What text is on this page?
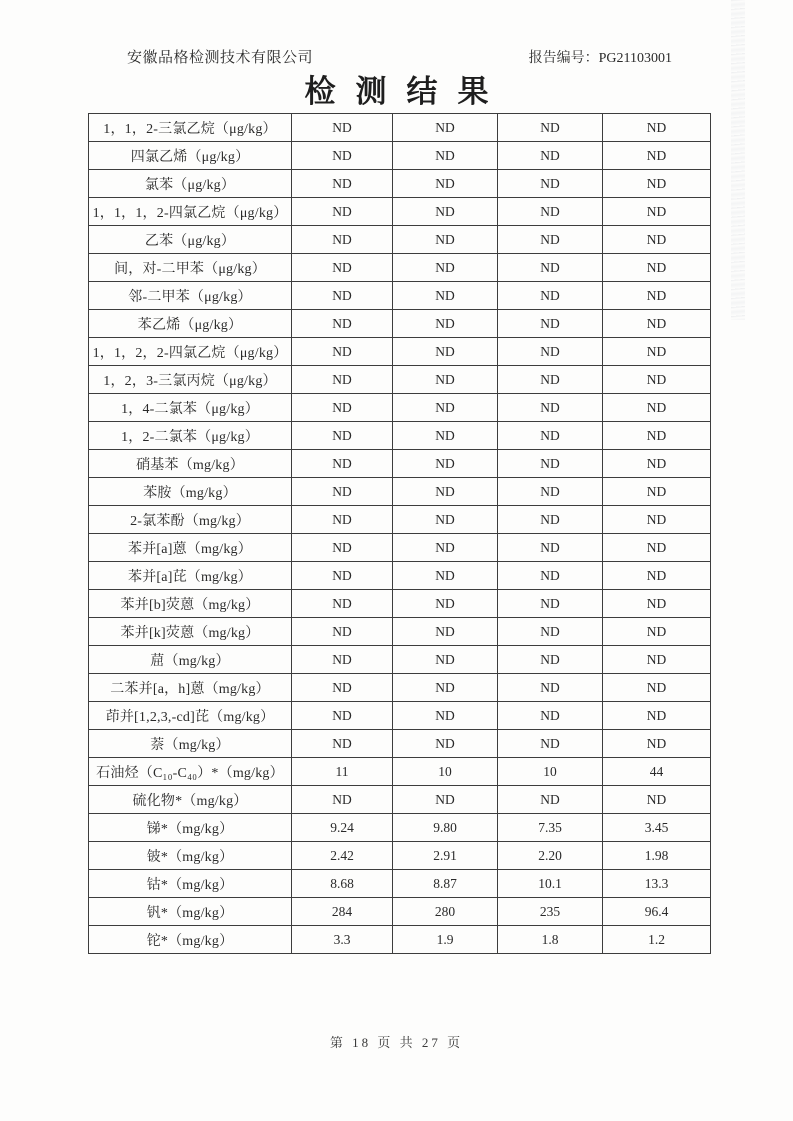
安徽品格检测技术有限公司	报告编号：PG21103001
检测结果
1，1，2-三氯乙烷（μg/kg）	ND	ND	ND	ND
四氯乙烯（μg/kg）	ND	ND	ND	ND
氯苯（μg/kg）	ND	ND	ND	ND
1，1，1，2-四氯乙烷（μg/kg）	ND	ND	ND	ND
乙苯（μg/kg）	ND	ND	ND	ND
间，对-二甲苯（μg/kg）	ND	ND	ND	ND
邻-二甲苯（μg/kg）	ND	ND	ND	ND
苯乙烯（μg/kg）	ND	ND	ND	ND
1，1，2，2-四氯乙烷（μg/kg）	ND	ND	ND	ND
1，2，3-三氯丙烷（μg/kg）	ND	ND	ND	ND
1，4-二氯苯（μg/kg）	ND	ND	ND	ND
1，2-二氯苯（μg/kg）	ND	ND	ND	ND
硝基苯（mg/kg）	ND	ND	ND	ND
苯胺（mg/kg）	ND	ND	ND	ND
2-氯苯酚（mg/kg）	ND	ND	ND	ND
苯并[a]蒽（mg/kg）	ND	ND	ND	ND
苯并[a]芘（mg/kg）	ND	ND	ND	ND
苯并[b]荧蒽（mg/kg）	ND	ND	ND	ND
苯并[k]荧蒽（mg/kg）	ND	ND	ND	ND
䓛（mg/kg）	ND	ND	ND	ND
二苯并[a，h]蒽（mg/kg）	ND	ND	ND	ND
茚并[1,2,3,-cd]芘（mg/kg）	ND	ND	ND	ND
萘（mg/kg）	ND	ND	ND	ND
石油烃（C₁₀-C₄₀）*（mg/kg）	11	10	10	44
硫化物*（mg/kg）	ND	ND	ND	ND
锑*（mg/kg）	9.24	9.80	7.35	3.45
铍*（mg/kg）	2.42	2.91	2.20	1.98
钴*（mg/kg）	8.68	8.87	10.1	13.3
钒*（mg/kg）	284	280	235	96.4
铊*（mg/kg）	3.3	1.9	1.8	1.2
第 18 页 共 27 页
